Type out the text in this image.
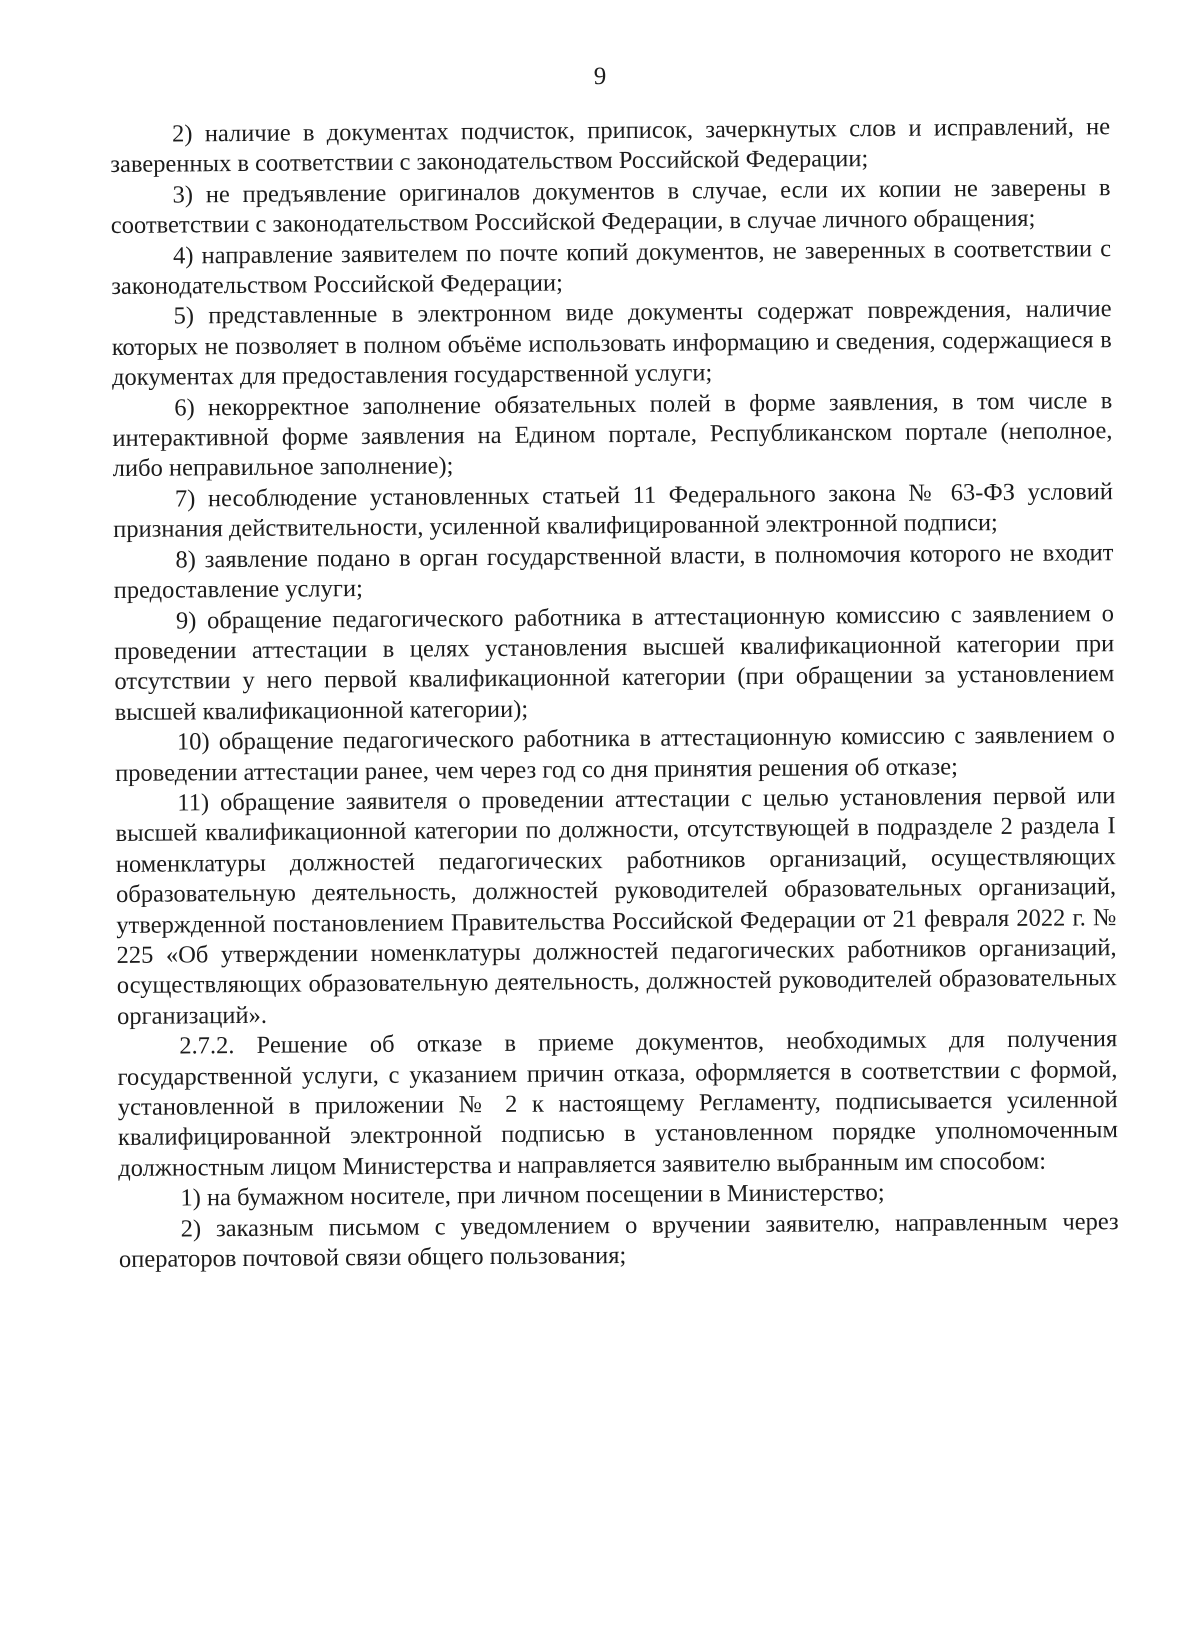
9

2) наличие в документах подчисток, приписок, зачеркнутых слов и исправлений, не заверенных в соответствии с законодательством Российской Федерации;

3) не предъявление оригиналов документов в случае, если их копии не заверены в соответствии с законодательством Российской Федерации, в случае личного обращения;

4) направление заявителем по почте копий документов, не заверенных в соответствии с законодательством Российской Федерации;

5) представленные в электронном виде документы содержат повреждения, наличие которых не позволяет в полном объёме использовать информацию и сведения, содержащиеся в документах для предоставления государственной услуги;

6) некорректное заполнение обязательных полей в форме заявления, в том числе в интерактивной форме заявления на Едином портале, Республиканском портале (неполное, либо неправильное заполнение);

7) несоблюдение установленных статьей 11 Федерального закона № 63-ФЗ условий признания действительности, усиленной квалифицированной электронной подписи;

8) заявление подано в орган государственной власти, в полномочия которого не входит предоставление услуги;

9) обращение педагогического работника в аттестационную комиссию с заявлением о проведении аттестации в целях установления высшей квалификационной категории при отсутствии у него первой квалификационной категории (при обращении за установлением высшей квалификационной категории);

10) обращение педагогического работника в аттестационную комиссию с заявлением о проведении аттестации ранее, чем через год со дня принятия решения об отказе;

11) обращение заявителя о проведении аттестации с целью установления первой или высшей квалификационной категории по должности, отсутствующей в подразделе 2 раздела I номенклатуры должностей педагогических работников организаций, осуществляющих образовательную деятельность, должностей руководителей образовательных организаций, утвержденной постановлением Правительства Российской Федерации от 21 февраля 2022 г. № 225 «Об утверждении номенклатуры должностей педагогических работников организаций, осуществляющих образовательную деятельность, должностей руководителей образовательных организаций».

2.7.2. Решение об отказе в приеме документов, необходимых для получения государственной услуги, с указанием причин отказа, оформляется в соответствии с формой, установленной в приложении № 2 к настоящему Регламенту, подписывается усиленной квалифицированной электронной подписью в установленном порядке уполномоченным должностным лицом Министерства и направляется заявителю выбранным им способом:

1) на бумажном носителе, при личном посещении в Министерство;

2) заказным письмом с уведомлением о вручении заявителю, направленным через операторов почтовой связи общего пользования;
